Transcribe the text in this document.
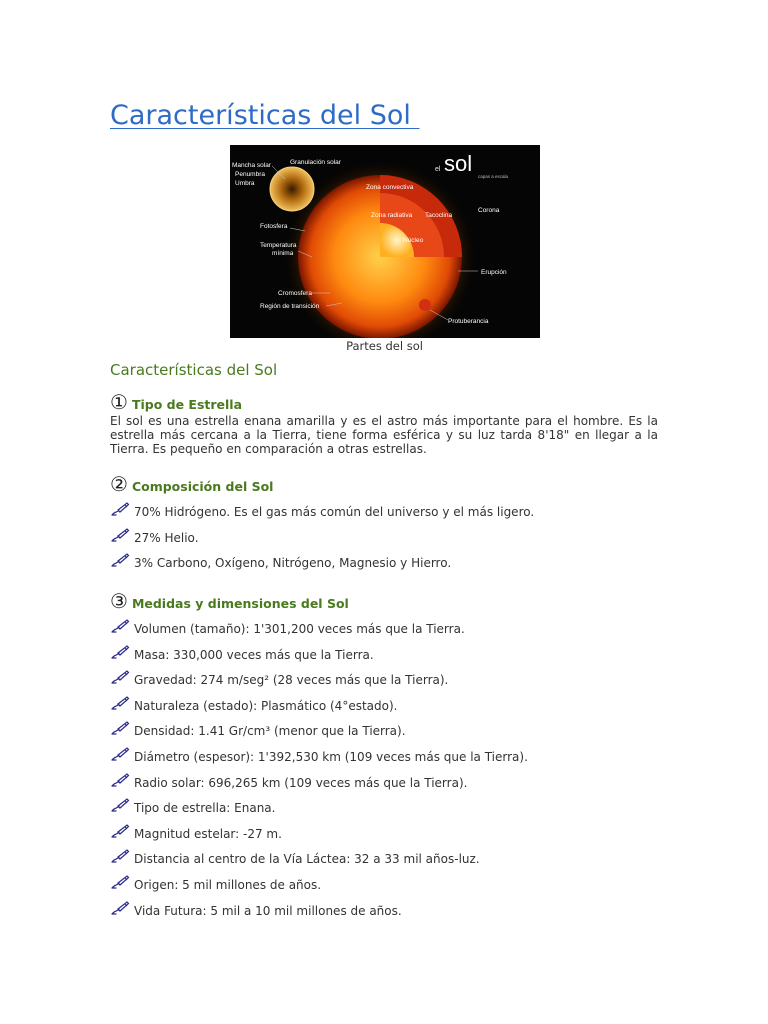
Características del Sol
el sol
capas a escala
Mancha solar
Penumbra
Umbra
Granulación solar
Zona convectiva
Zona radiativa Tacoclina
Corona
Núcleo
Fotosfera
Temperatura
mínima
Erupción
Cromosfera
Región de transición
Protuberancia
Partes del sol
Características del Sol
① Tipo de Estrella
El sol es una estrella enana amarilla y es el astro más importante para el hombre. Es la estrella más cercana a la Tierra, tiene forma esférica y su luz tarda 8'18" en llegar a la Tierra. Es pequeño en comparación a otras estrellas.
② Composición del Sol
70% Hidrógeno. Es el gas más común del universo y el más ligero.
27% Helio.
3% Carbono, Oxígeno, Nitrógeno, Magnesio y Hierro.
③ Medidas y dimensiones del Sol
Volumen (tamaño): 1'301,200 veces más que la Tierra.
Masa: 330,000 veces más que la Tierra.
Gravedad: 274 m/seg² (28 veces más que la Tierra).
Naturaleza (estado): Plasmático (4°estado).
Densidad: 1.41 Gr/cm³ (menor que la Tierra).
Diámetro (espesor): 1'392,530 km (109 veces más que la Tierra).
Radio solar: 696,265 km (109 veces más que la Tierra).
Tipo de estrella: Enana.
Magnitud estelar: -27 m.
Distancia al centro de la Vía Láctea: 32 a 33 mil años-luz.
Origen: 5 mil millones de años.
Vida Futura: 5 mil a 10 mil millones de años.
